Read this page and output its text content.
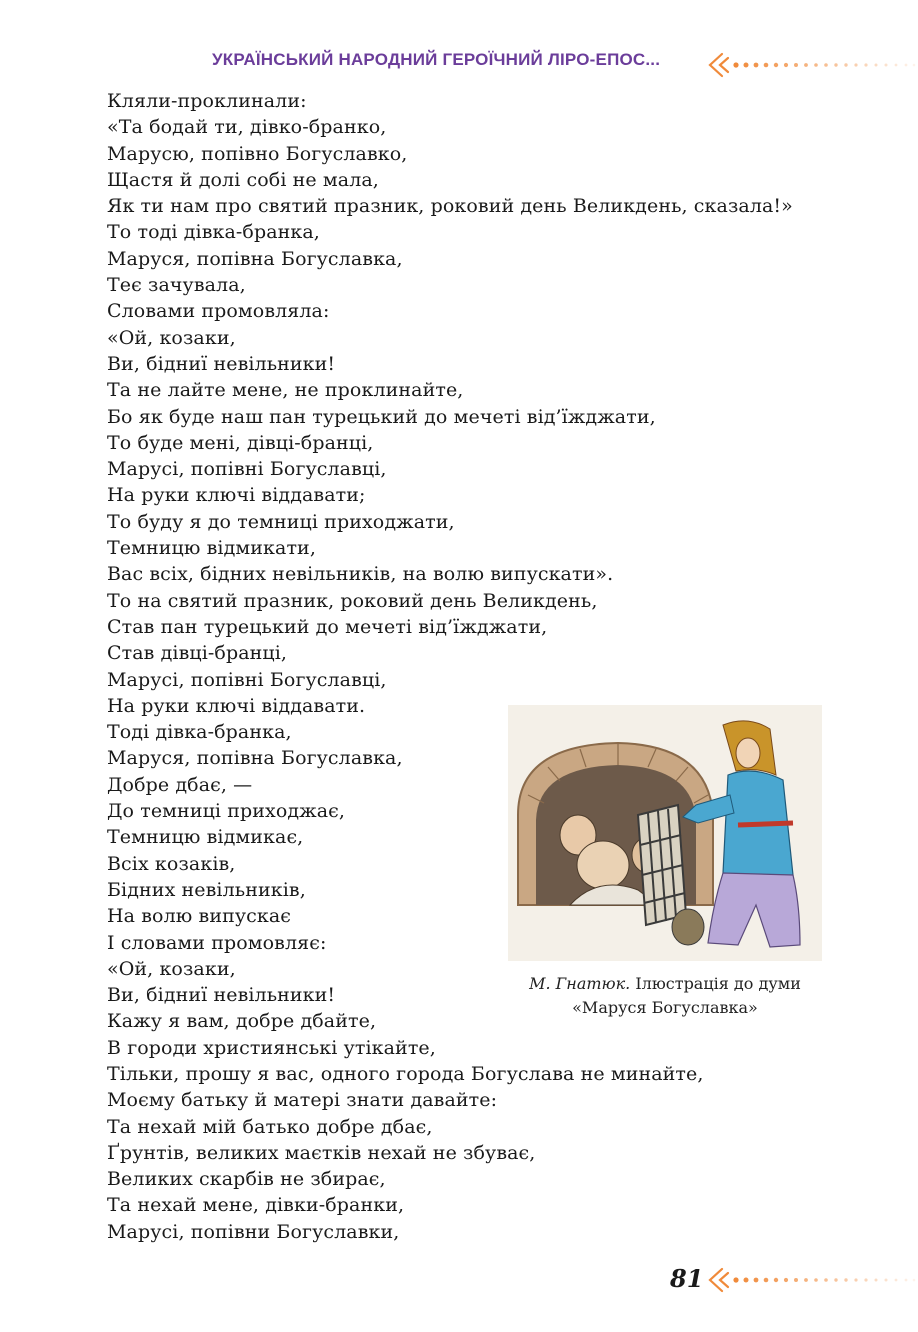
УКРАЇНСЬКИЙ НАРОДНИЙ ГЕРОЇЧНИЙ ЛІРО-ЕПОС...
Кляли-проклинали:
«Та бодай ти, дівко-бранко,
Марусю, попівно Богуславко,
Щастя й долі собі не мала,
Як ти нам про святий празник, роковий день Великдень, сказала!»
То тоді дівка-бранка,
Маруся, попівна Богуславка,
Теє зачувала,
Словами промовляла:
«Ой, козаки,
Ви, бідниї невільники!
Та не лайте мене, не проклинайте,
Бо як буде наш пан турецький до мечеті від’їжджати,
То буде мені, дівці-бранці,
Марусі, попівні Богуславці,
На руки ключі віддавати;
То буду я до темниці приходжати,
Темницю відмикати,
Вас всіх, бідних невільників, на волю випускати».
То на святий празник, роковий день Великдень,
Став пан турецький до мечеті від’їжджати,
Став дівці-бранці,
Марусі, попівні Богуславці,
На руки ключі віддавати.
Тоді дівка-бранка,
Маруся, попівна Богуславка,
Добре дбає, —
До темниці приходжає,
Темницю відмикає,
Всіх козаків,
Бідних невільників,
На волю випускає
І словами промовляє:
«Ой, козаки,
Ви, бідниї невільники!
Кажу я вам, добре дбайте,
В городи християнські утікайте,
Тільки, прошу я вас, одного города Богуслава не минайте,
Моєму батьку й матері знати давайте:
Та нехай мій батько добре дбає,
Ґрунтів, великих маєтків нехай не збуває,
Великих скарбів не збирає,
Та нехай мене, дівки-бранки,
Марусі, попівни Богуславки,
М. Гнатюк. Ілюстрація до думи
«Маруся Богуславка»
81
